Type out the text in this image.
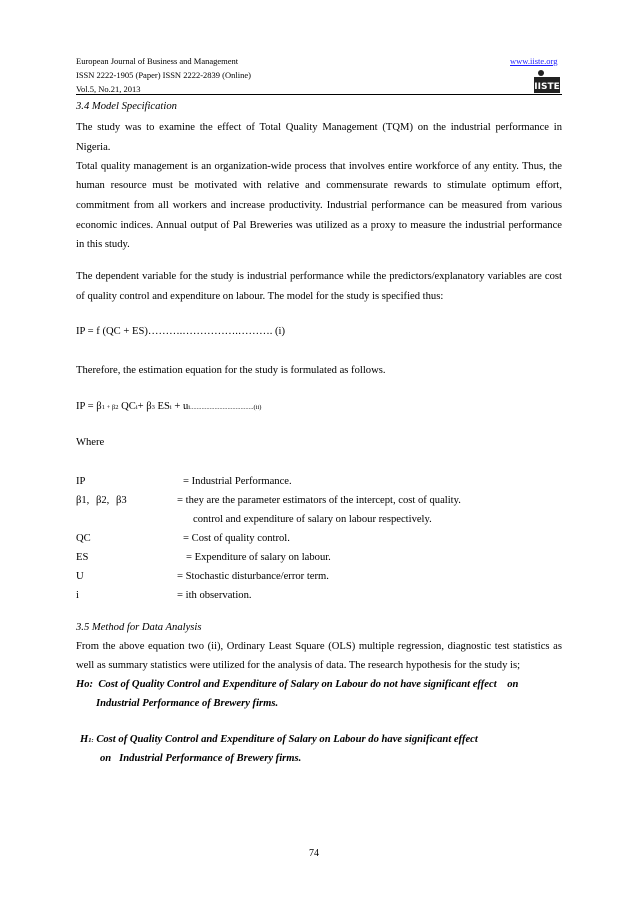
European Journal of Business and Management
ISSN 2222-1905 (Paper) ISSN 2222-2839 (Online)
Vol.5, No.21, 2013
www.iiste.org
IISTE
3.4 Model Specification
The study was to examine the effect of Total Quality Management (TQM) on the industrial performance in
Nigeria.
Total quality management is an organization-wide process that involves entire workforce of any entity. Thus, the
human resource must be motivated with relative and commensurate rewards to stimulate optimum effort,
commitment from all workers and increase productivity. Industrial performance can be measured from various
economic indices. Annual output of Pal Breweries was utilized as a proxy to measure the industrial performance
in this study.
The dependent variable for the study is industrial performance while the predictors/explanatory variables are cost
of quality control and expenditure on labour. The model for the study is specified thus:
IP = f (QC + ES)……….…………….………. (i)
Therefore, the estimation equation for the study is formulated as follows.
IP = β1 + β2 QCi+ β3 ESi + ui.......................................(ii)
Where
IP	= Industrial Performance.
β1, β2, β3	= they are the parameter estimators of the intercept, cost of quality.
control and expenditure of salary on labour respectively.
QC	= Cost of quality control.
ES	= Expenditure of salary on labour.
U	= Stochastic disturbance/error term.
i	= ith observation.
3.5 Method for Data Analysis
From the above equation two (ii), Ordinary Least Square (OLS) multiple regression, diagnostic test statistics as
well as summary statistics were utilized for the analysis of data. The research hypothesis for the study is;
Ho:  Cost of Quality Control and Expenditure of Salary on Labour do not have significant effect    on
Industrial Performance of Brewery firms.
H1: Cost of Quality Control and Expenditure of Salary on Labour do have significant effect
on   Industrial Performance of Brewery firms.
74
